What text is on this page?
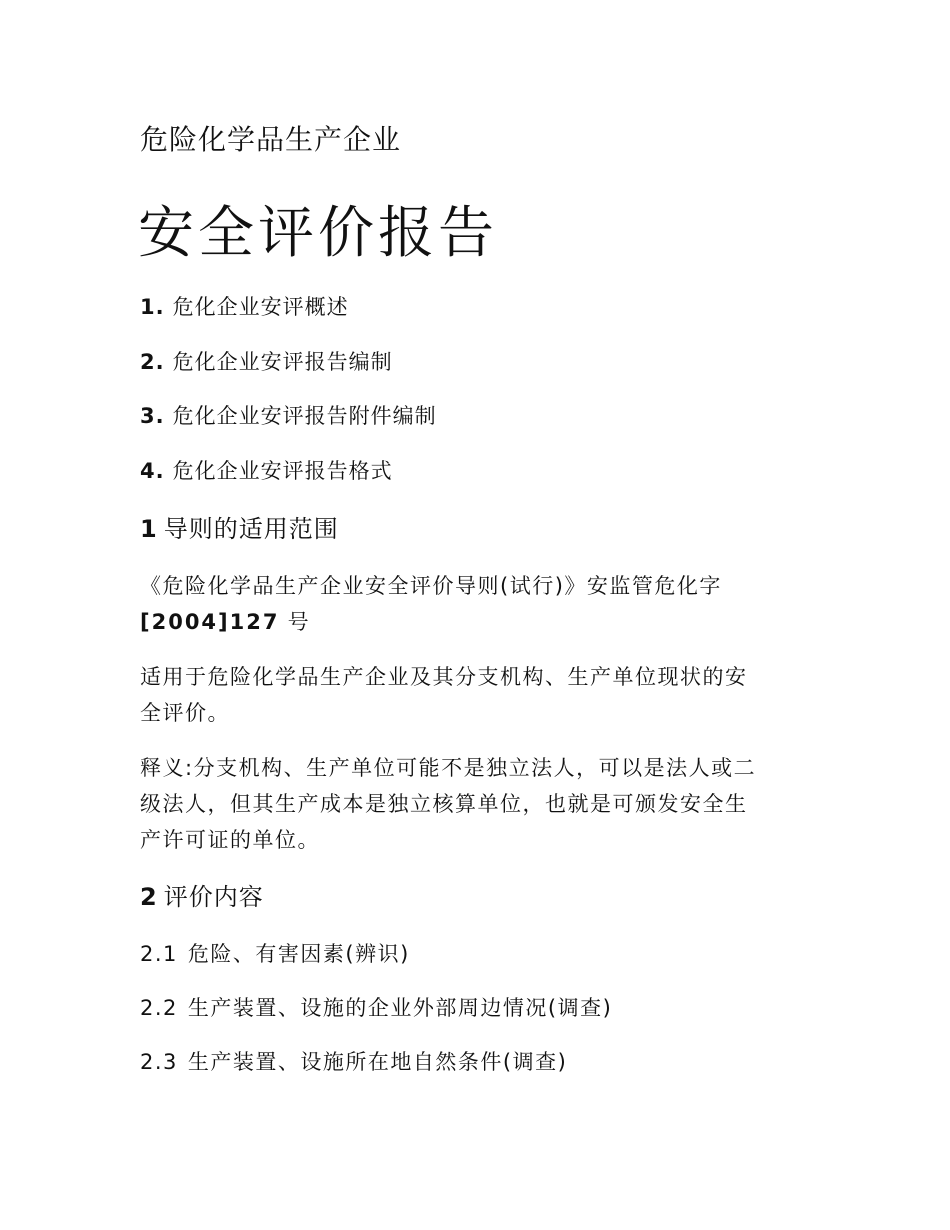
危险化学品生产企业
安全评价报告
1. 危化企业安评概述
2. 危化企业安评报告编制
3. 危化企业安评报告附件编制
4. 危化企业安评报告格式
1 导则的适用范围
《危险化学品生产企业安全评价导则(试行)》安监管危化字
[2004]127 号
适用于危险化学品生产企业及其分支机构、生产单位现状的安
全评价。
释义:分支机构、生产单位可能不是独立法人，可以是法人或二
级法人，但其生产成本是独立核算单位，也就是可颁发安全生
产许可证的单位。
2 评价内容
2.1 危险、有害因素(辨识)
2.2 生产装置、设施的企业外部周边情况(调查)
2.3 生产装置、设施所在地自然条件(调查)
